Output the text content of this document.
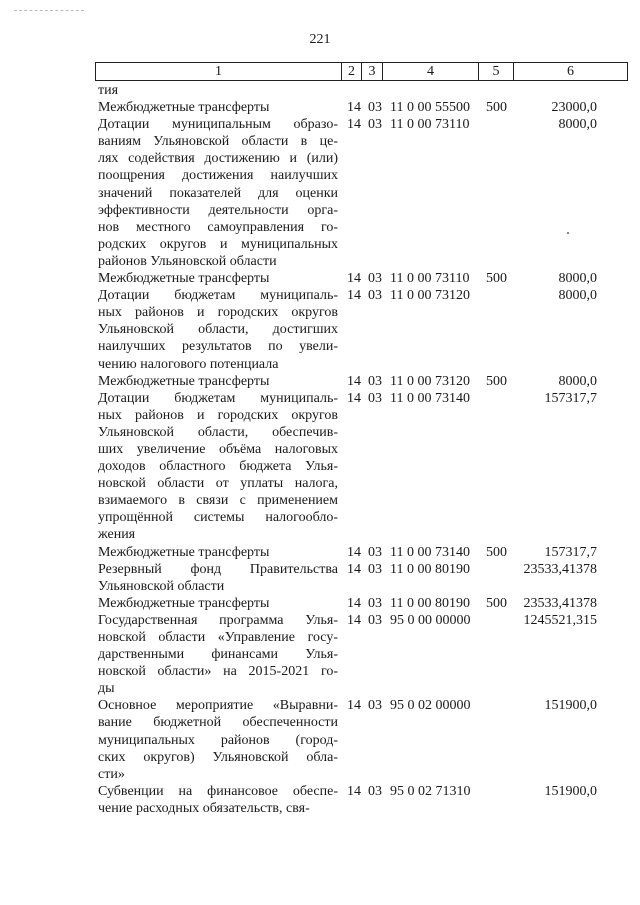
221
1	2	3	4	5	6
тия
Межбюджетные трансферты	14 03 11 0 00 55500 500	23000,0
Дотации муниципальным образо-
ваниям Ульяновской области в це-
лях содействия достижению и (или)
поощрения достижения наилучших
значений показателей для оценки
эффективности деятельности орга-
нов местного самоуправления го-
родских округов и муниципальных
районов Ульяновской области
14 03 11 0 00 73110	8000,0
Межбюджетные трансферты	14 03 11 0 00 73110 500	8000,0
Дотации бюджетам муниципаль-
ных районов и городских округов
Ульяновской области, достигших
наилучших результатов по увели-
чению налогового потенциала
14 03 11 0 00 73120	8000,0
Межбюджетные трансферты	14 03 11 0 00 73120 500	8000,0
Дотации бюджетам муниципаль-
ных районов и городских округов
Ульяновской области, обеспечив-
ших увеличение объёма налоговых
доходов областного бюджета Улья-
новской области от уплаты налога,
взимаемого в связи с применением
упрощённой системы налогообло-
жения
14 03 11 0 00 73140	157317,7
Межбюджетные трансферты	14 03 11 0 00 73140 500	157317,7
Резервный фонд Правительства
Ульяновской области
14 03 11 0 00 80190	23533,41378
Межбюджетные трансферты	14 03 11 0 00 80190 500 23533,41378
Государственная программа Улья-
новской области «Управление госу-
дарственными финансами Улья-
новской области» на 2015-2021 го-
ды
14 03 95 0 00 00000	1245521,315
Основное мероприятие «Выравни-
вание бюджетной обеспеченности
муниципальных районов (город-
ских округов) Ульяновской обла-
сти»
14 03 95 0 02 00000	151900,0
Субвенции на финансовое обеспе-
чение расходных обязательств, свя-
14 03 95 0 02 71310	151900,0
